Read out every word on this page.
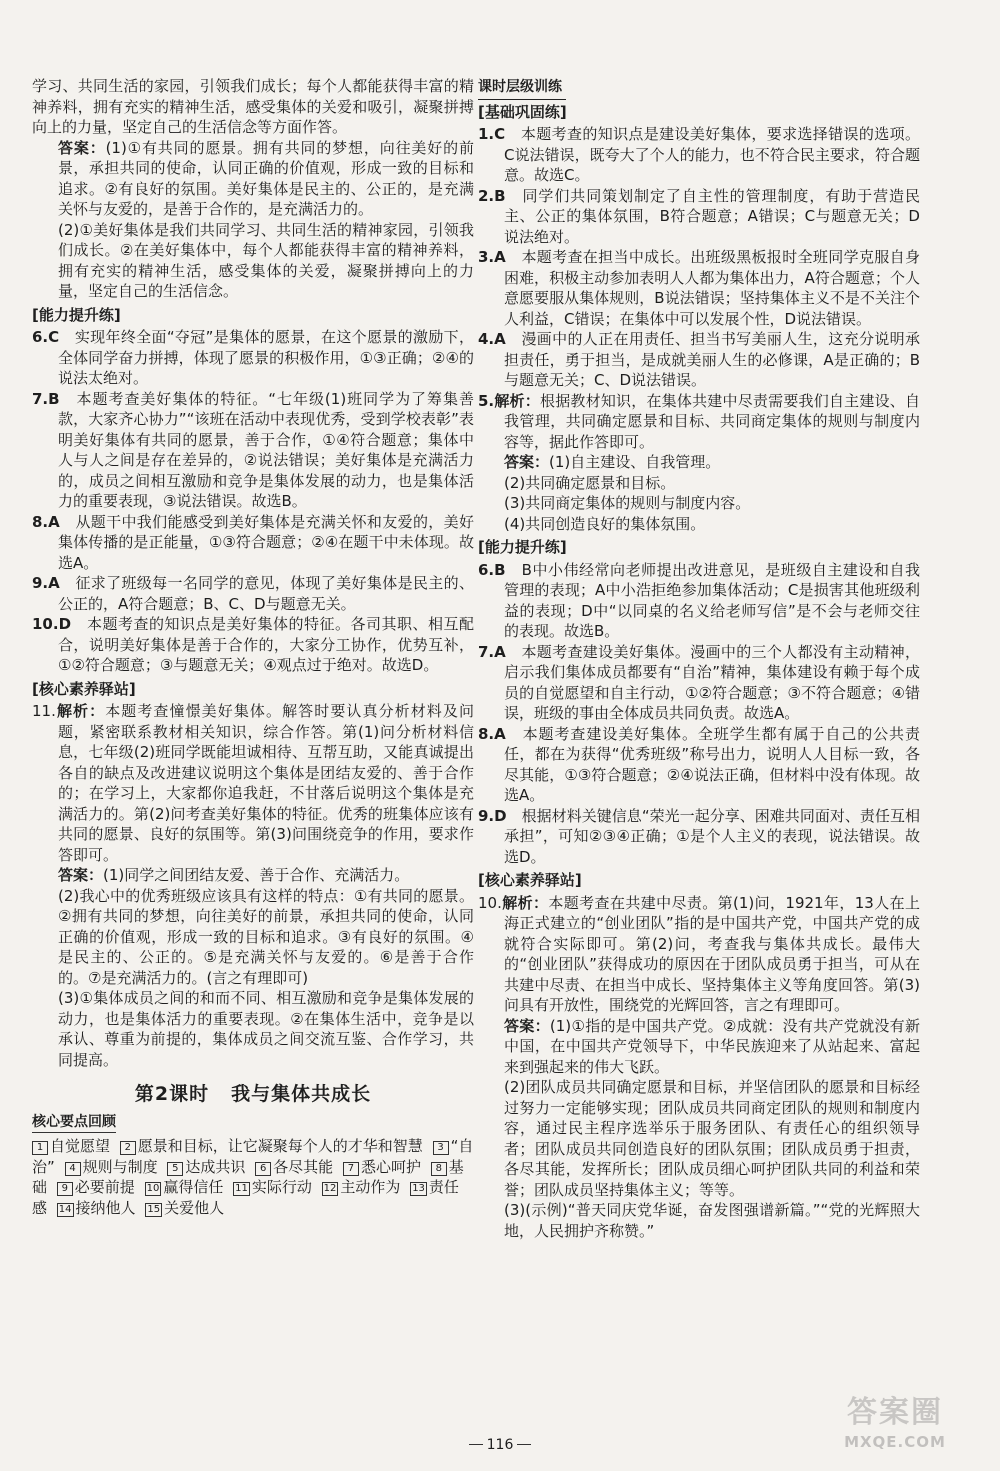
学习、共同生活的家园，引领我们成长；每个人都能获得丰富的精神养料，拥有充实的精神生活，感受集体的关爱和吸引，凝聚拼搏向上的力量，坚定自己的生活信念等方面作答。

答案：(1)①有共同的愿景。拥有共同的梦想，向往美好的前景，承担共同的使命，认同正确的价值观，形成一致的目标和追求。②有良好的氛围。美好集体是民主的、公正的，是充满关怀与友爱的，是善于合作的，是充满活力的。

(2)①美好集体是我们共同学习、共同生活的精神家园，引领我们成长。②在美好集体中，每个人都能获得丰富的精神养料，拥有充实的精神生活，感受集体的关爱，凝聚拼搏向上的力量，坚定自己的生活信念。

[能力提升练]

6.C　 实现年终全面“夺冠”是集体的愿景，在这个愿景的激励下，全体同学奋力拼搏，体现了愿景的积极作用，①③正确；②④的说法太绝对。

7.B　 本题考查美好集体的特征。“七年级(1)班同学为了筹集善款，大家齐心协力”“该班在活动中表现优秀，受到学校表彰”表明美好集体有共同的愿景，善于合作，①④符合题意；集体中人与人之间是存在差异的，②说法错误；美好集体是充满活力的，成员之间相互激励和竞争是集体发展的动力，也是集体活力的重要表现，③说法错误。故选B。

8.A　 从题干中我们能感受到美好集体是充满关怀和友爱的，美好集体传播的是正能量，①③符合题意；②④在题干中未体现。故选A。

9.A　 征求了班级每一名同学的意见，体现了美好集体是民主的、公正的，A符合题意；B、C、D与题意无关。

10.D　 本题考查的知识点是美好集体的特征。各司其职、相互配合，说明美好集体是善于合作的，大家分工协作，优势互补，①②符合题意；③与题意无关；④观点过于绝对。故选D。

[核心素养驿站]

11.解析：本题考查憧憬美好集体。解答时要认真分析材料及问题，紧密联系教材相关知识，综合作答。第(1)问分析材料信息，七年级(2)班同学既能坦诚相待、互帮互助，又能真诚提出各自的缺点及改进建议说明这个集体是团结友爱的、善于合作的；在学习上，大家都你追我赶，不甘落后说明这个集体是充满活力的。第(2)问考查美好集体的特征。优秀的班集体应该有共同的愿景、良好的氛围等。第(3)问围绕竞争的作用，要求作答即可。

答案：(1)同学之间团结友爱、善于合作、充满活力。

(2)我心中的优秀班级应该具有这样的特点：①有共同的愿景。②拥有共同的梦想，向往美好的前景，承担共同的使命，认同正确的价值观，形成一致的目标和追求。③有良好的氛围。④是民主的、公正的。⑤是充满关怀与友爱的。⑥是善于合作的。⑦是充满活力的。(言之有理即可)

(3)①集体成员之间的和而不同、相互激励和竞争是集体发展的动力，也是集体活力的重要表现。②在集体生活中，竞争是以承认、尊重为前提的，集体成员之间交流互鉴、合作学习，共同提高。

第2课时 我与集体共成长

核心要点回顾

1 自觉愿望 2 愿景和目标，让它凝聚每个人的才华和智慧 3 “自治” 4 规则与制度 5 达成共识 6 各尽其能 7 悉心呵护 8 基础 9 必要前提 10 赢得信任 11 实际行动 12 主动作为 13 责任感 14 接纳他人 15 关爱他人

课时层级训练

[基础巩固练]

1.C　 本题考查的知识点是建设美好集体，要求选择错误的选项。C说法错误，既夸大了个人的能力，也不符合民主要求，符合题意。故选C。

2.B　 同学们共同策划制定了自主性的管理制度，有助于营造民主、公正的集体氛围，B符合题意；A错误；C与题意无关；D说法绝对。

3.A　 本题考查在担当中成长。出班级黑板报时全班同学克服自身困难，积极主动参加表明人人都为集体出力，A符合题意；个人意愿要服从集体规则，B说法错误；坚持集体主义不是不关注个人利益，C错误；在集体中可以发展个性，D说法错误。

4.A　 漫画中的人正在用责任、担当书写美丽人生，这充分说明承担责任，勇于担当，是成就美丽人生的必修课，A是正确的；B与题意无关；C、D说法错误。

5.解析：根据教材知识，在集体共建中尽责需要我们自主建设、自我管理，共同确定愿景和目标、共同商定集体的规则与制度内容等，据此作答即可。

答案：(1)自主建设、自我管理。

(2)共同确定愿景和目标。

(3)共同商定集体的规则与制度内容。

(4)共同创造良好的集体氛围。

[能力提升练]

6.B　 B中小伟经常向老师提出改进意见，是班级自主建设和自我管理的表现；A中小浩拒绝参加集体活动；C是损害其他班级利益的表现；D中“以同桌的名义给老师写信”是不会与老师交往的表现。故选B。

7.A　 本题考查建设美好集体。漫画中的三个人都没有主动精神，启示我们集体成员都要有“自治”精神，集体建设有赖于每个成员的自觉愿望和自主行动，①②符合题意；③不符合题意；④错误，班级的事由全体成员共同负责。故选A。

8.A　 本题考查建设美好集体。全班学生都有属于自己的公共责任，都在为获得“优秀班级”称号出力，说明人人目标一致，各尽其能，①③符合题意；②④说法正确，但材料中没有体现。故选A。

9.D　 根据材料关键信息“荣光一起分享、困难共同面对、责任互相承担”，可知②③④正确；①是个人主义的表现，说法错误。故选D。

[核心素养驿站]

10.解析：本题考查在共建中尽责。第(1)问，1921年，13人在上海正式建立的“创业团队”指的是中国共产党，中国共产党的成就符合实际即可。第(2)问，考查我与集体共成长。最伟大的“创业团队”获得成功的原因在于团队成员勇于担当，可从在共建中尽责、在担当中成长、坚持集体主义等角度回答。第(3)问具有开放性，围绕党的光辉回答，言之有理即可。

答案：(1)①指的是中国共产党。②成就：没有共产党就没有新中国，在中国共产党领导下，中华民族迎来了从站起来、富起来到强起来的伟大飞跃。

(2)团队成员共同确定愿景和目标，并坚信团队的愿景和目标经过努力一定能够实现；团队成员共同商定团队的规则和制度内容，通过民主程序选举乐于服务团队、有责任心的组织领导者；团队成员共同创造良好的团队氛围；团队成员勇于担责，各尽其能，发挥所长；团队成员细心呵护团队共同的利益和荣誉；团队成员坚持集体主义；等等。

(3)(示例)“普天同庆党华诞，奋发图强谱新篇。”“党的光辉照大地，人民拥护齐称赞。”

116
答案圈
MXQE.COM
